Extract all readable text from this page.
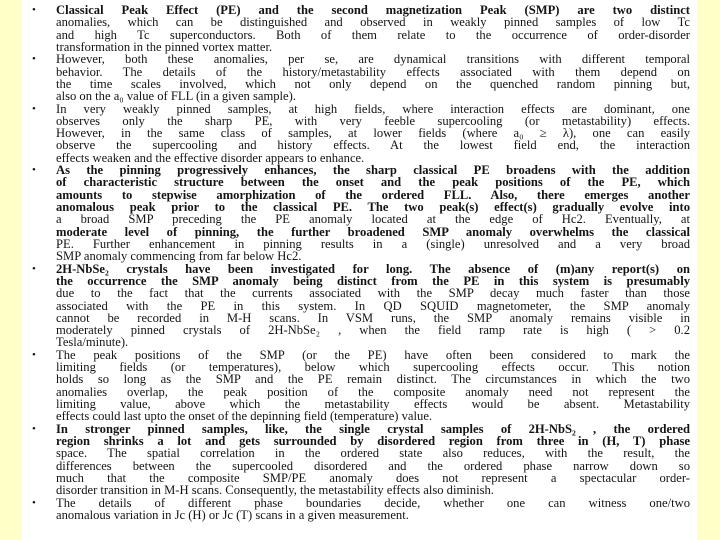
• Classical Peak Effect (PE) and the second magnetization Peak (SMP) are two distinct
anomalies, which can be distinguished and observed in weakly pinned samples of low Tc
and high Tc superconductors. Both of them relate to the occurrence of order-disorder
transformation in the pinned vortex matter.
• However, both these anomalies, per se, are dynamical transitions with different temporal
behavior. The details of the history/metastability effects associated with them depend on
the time scales involved, which not only depend on the quenched random pinning but,
also on the a₀ value of FLL (in a given sample).
• In very weakly pinned samples, at high fields, where interaction effects are dominant, one
observes only the sharp PE, with very feeble supercooling (or metastability) effects.
However, in the same class of samples, at lower fields (where a₀ ≥ λ), one can easily
observe the supercooling and history effects. At the lowest field end, the interaction
effects weaken and the effective disorder appears to enhance.
• As the pinning progressively enhances, the sharp classical PE broadens with the addition
of characteristic structure between the onset and the peak positions of the PE, which
amounts to stepwise amorphization of the ordered FLL. Also, there emerges another
anomalous peak prior to the classical PE. The two peak(s) effect(s) gradually evolve into
a broad SMP preceding the PE anomaly located at the edge of Hc2. Eventually, at
moderate level of pinning, the further broadened SMP anomaly overwhelms the classical
PE. Further enhancement in pinning results in a (single) unresolved and a very broad
SMP anomaly commencing from far below Hc2.
• 2H-NbSe₂ crystals have been investigated for long. The absence of (m)any report(s) on
the occurrence the SMP anomaly being distinct from the PE in this system is presumably
due to the fact that the currents associated with the SMP decay much faster than those
associated with the PE in this system. In QD SQUID magnetometer, the SMP anomaly
cannot be recorded in M-H scans. In VSM runs, the SMP anomaly remains visible in
moderately pinned crystals of 2H-NbSe₂ , when the field ramp rate is high ( > 0.2
Tesla/minute).
• The peak positions of the SMP (or the PE) have often been considered to mark the
limiting fields (or temperatures), below which supercooling effects occur. This notion
holds so long as the SMP and the PE remain distinct. The circumstances in which the two
anomalies overlap, the peak position of the composite anomaly need not represent the
limiting value, above which the metastability effects would be absent. Metastability
effects could last upto the onset of the depinning field (temperature) value.
• In stronger pinned samples, like, the single crystal samples of 2H-NbS₂ , the ordered
region shrinks a lot and gets surrounded by disordered region from three in (H, T) phase
space. The spatial correlation in the ordered state also reduces, with the result, the
differences between the supercooled disordered and the ordered phase narrow down so
much that the composite SMP/PE anomaly does not represent a spectacular order-
disorder transition in M-H scans. Consequently, the metastability effects also diminish.
• The details of different phase boundaries decide, whether one can witness one/two
anomalous variation in Jc (H) or Jc (T) scans in a given measurement.
